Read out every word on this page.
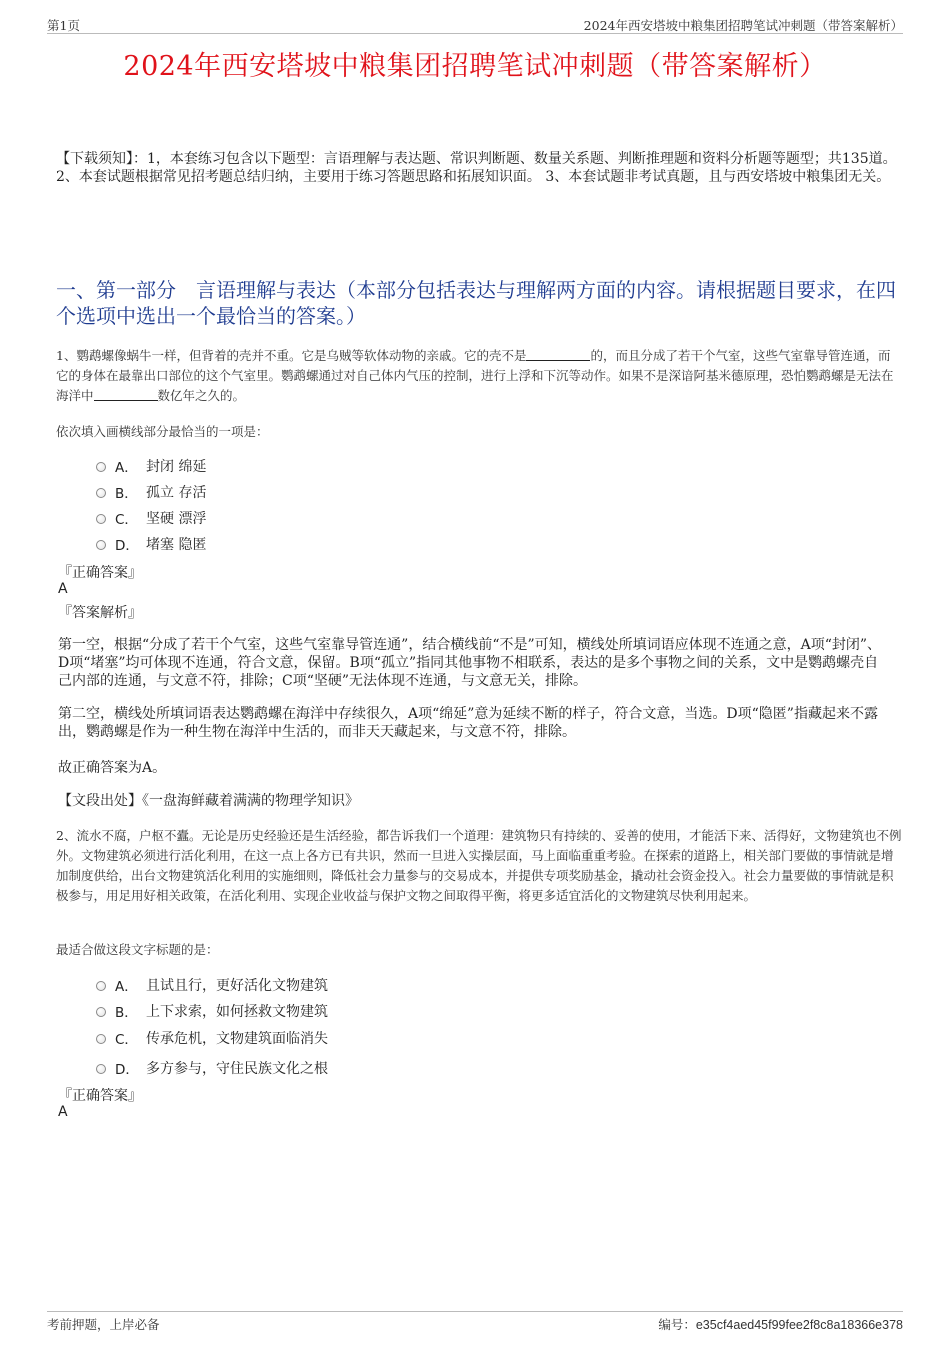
第1页	2024年西安塔坡中粮集团招聘笔试冲刺题（带答案解析）
2024年西安塔坡中粮集团招聘笔试冲刺题（带答案解析）
【下载须知】：1，本套练习包含以下题型：言语理解与表达题、常识判断题、数量关系题、判断推理题和资料分析题等题型；共135道。 2、本套试题根据常见招考题总结归纳，主要用于练习答题思路和拓展知识面。 3、本套试题非考试真题，且与西安塔坡中粮集团无关。
一、第一部分　言语理解与表达（本部分包括表达与理解两方面的内容。请根据题目要求，在四个选项中选出一个最恰当的答案。）
1、鹦鹉螺像蜗牛一样，但背着的壳并不重。它是乌贼等软体动物的亲戚。它的壳不是	的，而且分成了若干个气室，这些气室靠导管连通，而它的身体在最靠出口部位的这个气室里。鹦鹉螺通过对自己体内气压的控制，进行上浮和下沉等动作。如果不是深谙阿基米德原理，恐怕鹦鹉螺是无法在海洋中	数亿年之久的。
依次填入画横线部分最恰当的一项是：
A． 封闭 绵延
B． 孤立 存活
C． 坚硬 漂浮
D． 堵塞 隐匿
『正确答案』
A
『答案解析』
第一空，根据“分成了若干个气室，这些气室靠导管连通”，结合横线前“不是”可知，横线处所填词语应体现不连通之意，A项“封闭”、D项“堵塞”均可体现不连通，符合文意，保留。B项“孤立”指同其他事物不相联系，表达的是多个事物之间的关系，文中是鹦鹉螺壳自己内部的连通，与文意不符，排除；C项“坚硬”无法体现不连通，与文意无关，排除。
第二空，横线处所填词语表达鹦鹉螺在海洋中存续很久，A项“绵延”意为延续不断的样子，符合文意，当选。D项“隐匿”指藏起来不露出，鹦鹉螺是作为一种生物在海洋中生活的，而非天天藏起来，与文意不符，排除。
故正确答案为A。
【文段出处】《一盘海鲜藏着满满的物理学知识》
2、流水不腐，户枢不蠹。无论是历史经验还是生活经验，都告诉我们一个道理：建筑物只有持续的、妥善的使用，才能活下来、活得好，文物建筑也不例外。文物建筑必须进行活化利用，在这一点上各方已有共识，然而一旦进入实操层面，马上面临重重考验。在探索的道路上，相关部门要做的事情就是增加制度供给，出台文物建筑活化利用的实施细则，降低社会力量参与的交易成本，并提供专项奖励基金，撬动社会资金投入。社会力量要做的事情就是积极参与，用足用好相关政策，在活化利用、实现企业收益与保护文物之间取得平衡，将更多适宜活化的文物建筑尽快利用起来。
最适合做这段文字标题的是：
A． 且试且行，更好活化文物建筑
B． 上下求索，如何拯救文物建筑
C． 传承危机，文物建筑面临消失
D． 多方参与，守住民族文化之根
『正确答案』
A
考前押题，上岸必备	编号：e35cf4aed45f99fee2f8c8a18366e378
